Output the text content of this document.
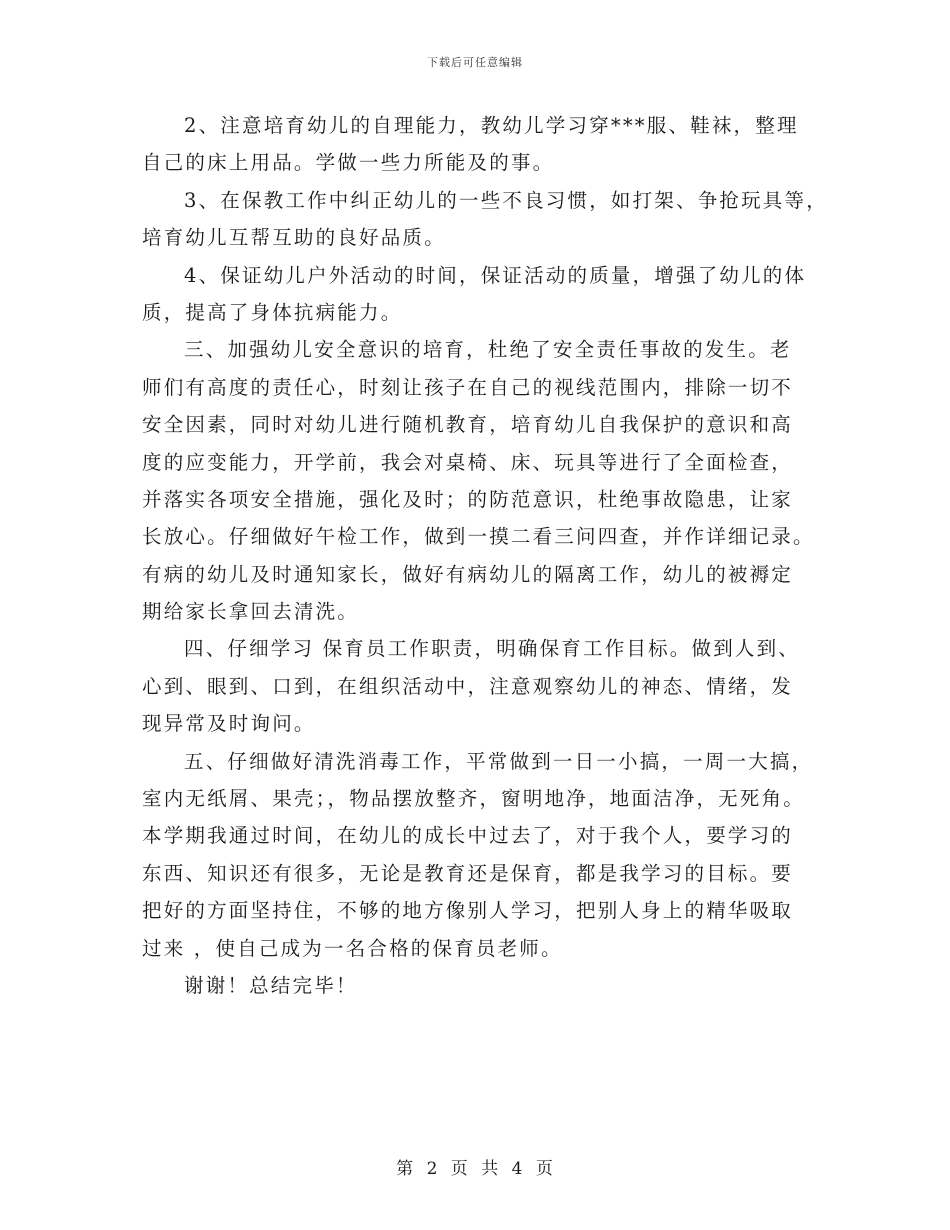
下载后可任意编辑
2、注意培育幼儿的自理能力，教幼儿学习穿***服、鞋袜，整理
自己的床上用品。学做一些力所能及的事。
3、在保教工作中纠正幼儿的一些不良习惯，如打架、争抢玩具等，
培育幼儿互帮互助的良好品质。
4、保证幼儿户外活动的时间，保证活动的质量，增强了幼儿的体
质，提高了身体抗病能力。
三、加强幼儿安全意识的培育，杜绝了安全责任事故的发生。老
师们有高度的责任心，时刻让孩子在自己的视线范围内，排除一切不
安全因素，同时对幼儿进行随机教育，培育幼儿自我保护的意识和高
度的应变能力，开学前，我会对桌椅、床、玩具等进行了全面检查，
并落实各项安全措施，强化及时；的防范意识，杜绝事故隐患，让家
长放心。仔细做好午检工作，做到一摸二看三问四查，并作详细记录。
有病的幼儿及时通知家长，做好有病幼儿的隔离工作，幼儿的被褥定
期给家长拿回去清洗。
四、仔细学习 保育员工作职责，明确保育工作目标。做到人到、
心到、眼到、口到，在组织活动中，注意观察幼儿的神态、情绪，发
现异常及时询问。
五、仔细做好清洗消毒工作，平常做到一日一小搞，一周一大搞，
室内无纸屑、果壳；，物品摆放整齐，窗明地净，地面洁净，无死角。
本学期我通过时间，在幼儿的成长中过去了，对于我个人，要学习的
东西、知识还有很多，无论是教育还是保育，都是我学习的目标。要
把好的方面坚持住，不够的地方像别人学习，把别人身上的精华吸取
过来 ，使自己成为一名合格的保育员老师。
谢谢！总结完毕！
第 2 页 共 4 页
